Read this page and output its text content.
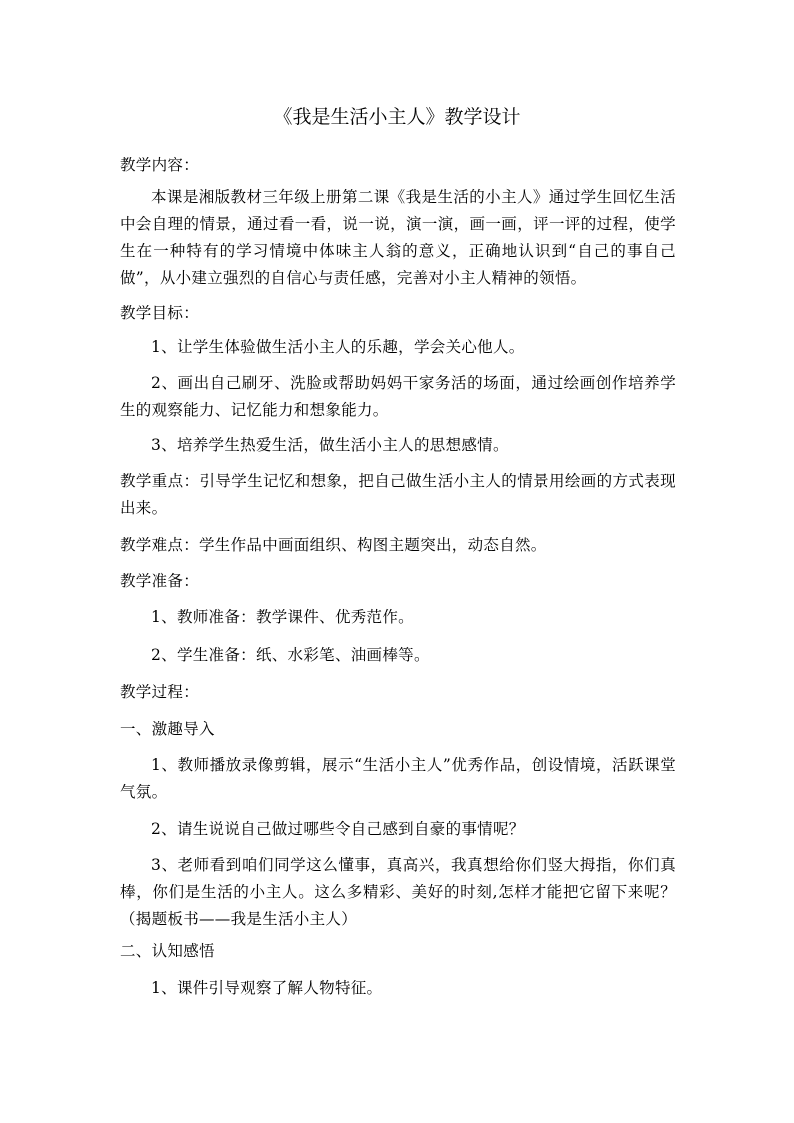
《我是生活小主人》教学设计

教学内容：

本课是湘版教材三年级上册第二课《我是生活的小主人》通过学生回忆生活中会自理的情景，通过看一看，说一说，演一演，画一画，评一评的过程，使学生在一种特有的学习情境中体味主人翁的意义，正确地认识到“自己的事自己做”，从小建立强烈的自信心与责任感，完善对小主人精神的领悟。

教学目标：

1、让学生体验做生活小主人的乐趣，学会关心他人。

2、画出自己刷牙、洗脸或帮助妈妈干家务活的场面，通过绘画创作培养学生的观察能力、记忆能力和想象能力。

3、培养学生热爱生活，做生活小主人的思想感情。

教学重点：引导学生记忆和想象，把自己做生活小主人的情景用绘画的方式表现出来。

教学难点：学生作品中画面组织、构图主题突出，动态自然。

教学准备：

1、教师准备：教学课件、优秀范作。

2、学生准备：纸、水彩笔、油画棒等。

教学过程：

一、激趣导入

1、教师播放录像剪辑，展示“生活小主人”优秀作品，创设情境，活跃课堂气氛。

2、请生说说自己做过哪些令自己感到自豪的事情呢？

3、老师看到咱们同学这么懂事，真高兴，我真想给你们竖大拇指，你们真棒，你们是生活的小主人。这么多精彩、美好的时刻,怎样才能把它留下来呢？（揭题板书——我是生活小主人）

二、认知感悟

1、课件引导观察了解人物特征。
